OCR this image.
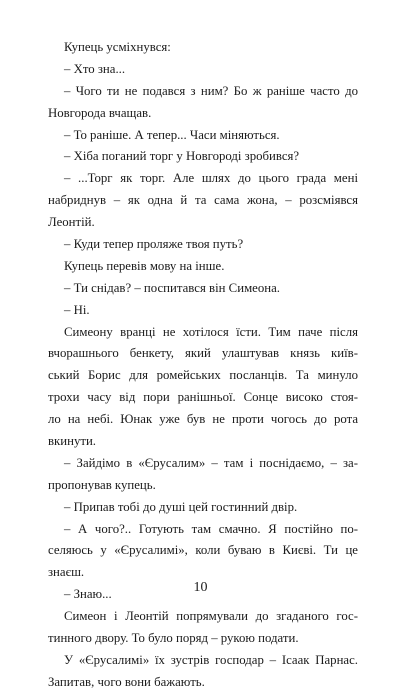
Купець усміхнувся:
– Хто зна...
– Чого ти не подався з ним? Бо ж раніше часто до
Новгорода вчащав.
– То раніше. А тепер... Часи міняються.
– Хіба поганий торг у Новгороді зробився?
– ...Торг як торг. Але шлях до цього града мені
набриднув – як одна й та сама жона, – розсміявся
Леонтій.
– Куди тепер проляже твоя путь?
Купець перевів мову на інше.
– Ти снідав? – поспитався він Симеона.
– Ні.
Симеону вранці не хотілося їсти. Тим паче після
вчорашнього бенкету, який улаштував князь київ-
ський Борис для ромейських посланців. Та минуло
трохи часу від пори ранішньої. Сонце високо стоя-
ло на небі. Юнак уже був не проти чогось до рота
вкинути.
– Зайдімо в «Єрусалим» – там і поснідаємо, – за-
пропонував купець.
– Припав тобі до душі цей гостинний двір.
– А чого?.. Готують там смачно. Я постійно по-
селяюсь у «Єрусалимі», коли буваю в Києві. Ти це
знаєш.
– Знаю...
Симеон і Леонтій попрямували до згаданого гос-
тинного двору. То було поряд – рукою подати.
У «Єрусалимі» їх зустрів господар – Ісаак Парнас.
Запитав, чого вони бажають.
10
